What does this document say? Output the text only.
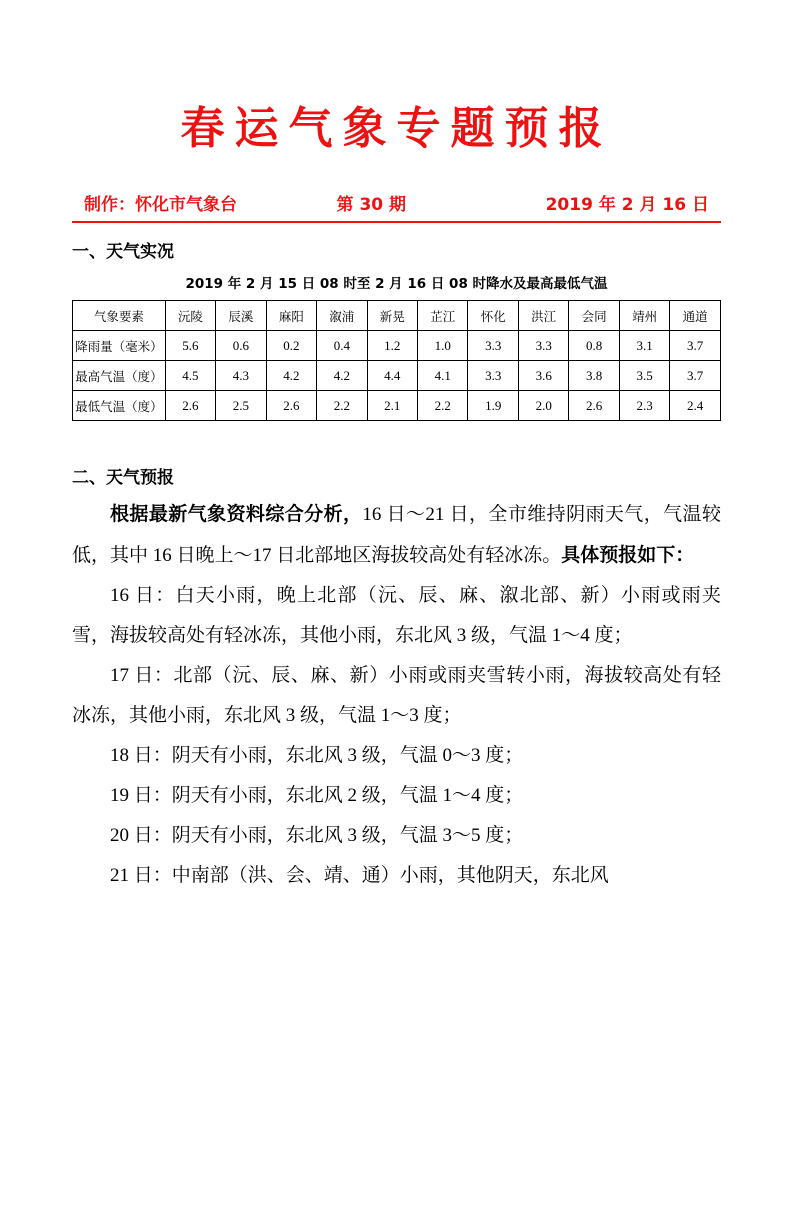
春运气象专题预报
制作：怀化市气象台	第 30 期	2019 年 2 月 16 日
一、天气实况
2019 年 2 月 15 日 08 时至 2 月 16 日 08 时降水及最高最低气温
气象要素	沅陵	辰溪	麻阳	溆浦	新晃	芷江	怀化	洪江	会同	靖州	通道
降雨量（毫米）	5.6	0.6	0.2	0.4	1.2	1.0	3.3	3.3	0.8	3.1	3.7
最高气温（度）	4.5	4.3	4.2	4.2	4.4	4.1	3.3	3.6	3.8	3.5	3.7
最低气温（度）	2.6	2.5	2.6	2.2	2.1	2.2	1.9	2.0	2.6	2.3	2.4
二、天气预报

根据最新气象资料综合分析，16 日～21 日，全市维持阴雨天气，气温较低，其中 16 日晚上～17 日北部地区海拔较高处有轻冰冻。具体预报如下：

16 日：白天小雨，晚上北部（沅、辰、麻、溆北部、新）小雨或雨夹雪，海拔较高处有轻冰冻，其他小雨，东北风 3 级，气温 1～4 度；

17 日：北部（沅、辰、麻、新）小雨或雨夹雪转小雨，海拔较高处有轻冰冻，其他小雨，东北风 3 级，气温 1～3 度；

18 日：阴天有小雨，东北风 3 级，气温 0～3 度；

19 日：阴天有小雨，东北风 2 级，气温 1～4 度；

20 日：阴天有小雨，东北风 3 级，气温 3～5 度；

21 日：中南部（洪、会、靖、通）小雨，其他阴天，东北风
